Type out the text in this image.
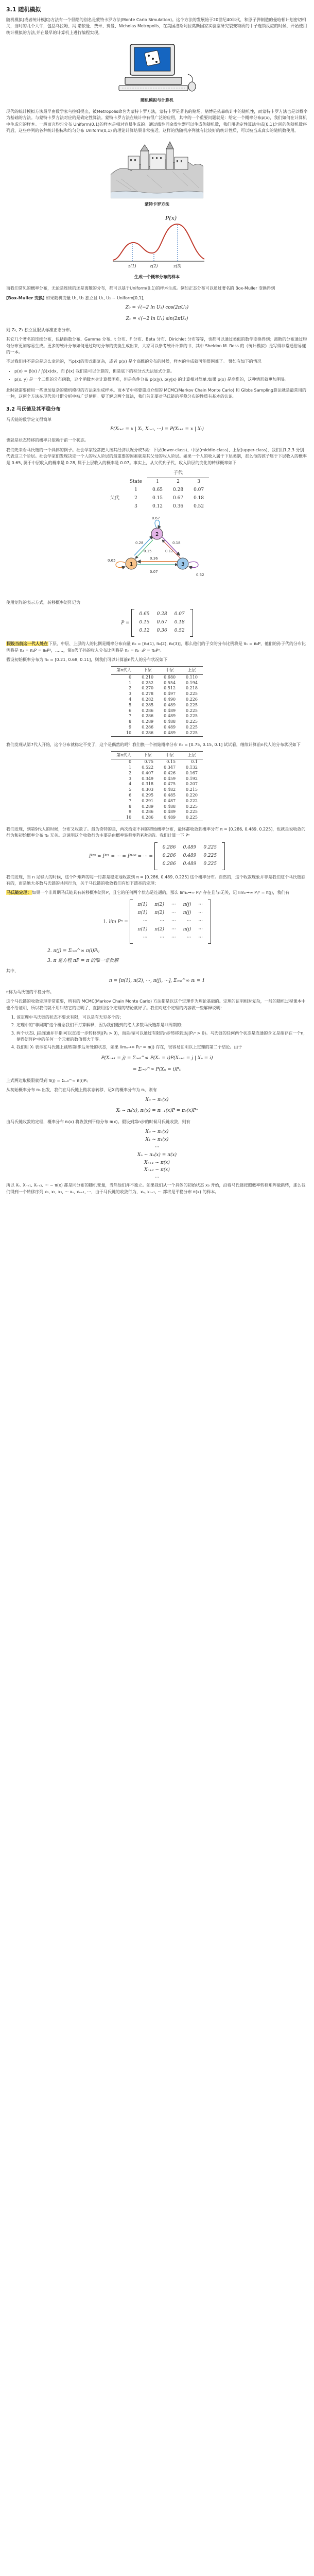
3.1 随机模拟

随机模拟(或者统计模拟)方法有一个很酷的别名是蒙特卡罗方法(Monte Carlo Simulation)。这个方法的发展始于20世纪40年代，和原子弹制造的曼哈顿计划密切相关，当时的几个大牛，包括乌拉姆、冯.诺依曼、费米、费曼、Nicholas Metropolis，在美国洛斯阿拉莫斯国家实验室研究裂变物质的中子连锁反应的时候，开始使用统计模拟的方法,并在最早的计算机上进行编程实现。

随机模拟与计算机

现代的统计模拟方法最早由数学家乌拉姆提出，被Metropolis命名为蒙特卡罗方法，蒙特卡罗是著名的赌场，赌博是依靠统计中的随机性，而蒙特卡罗方法也是以概率为基础的方法。与蒙特卡罗方法对应的是确定性算法。蒙特卡罗方法在统计中有很广泛的应用，其中的一个重要问题就是：给定一个概率分布p(x)，我们如何在计算机中生成它的样本。一般而言均匀分布 Uniform(0,1)的样本是相对容易生成的。通过线性同余发生器可以生成伪随机数，我们用确定性算法生成[0,1]之间的伪随机数序列后，这些序列的各种统计指标和均匀分布 Uniform(0,1) 的理论计算结果非常接近。这样的伪随机序列就有比较好的统计性质，可以被当成真实的随机数使用。

蒙特卡罗方法
P(x)
z(1)	z(2)	z(3)
生成一个概率分布的样本

而我们常见的概率分布，无论是连续的还是离散的分布，都可以基于Uniform(0,1)的样本生成。例如正态分布可以通过著名的 Box-Muller 变换得到

[Box-Muller 变换] 如果随机变量 U₁, U₂ 独立且 U₁, U₂ ~ Uniform[0,1]，

Z₀ = √(−2 ln U₁) cos(2πU₂)
Z₁ = √(−2 ln U₁) sin(2πU₂)

则 Z₀, Z₁ 独立且服从标准正态分布。

其它几个著名的连续分布，包括指数分布、Gamma 分布、t 分布、F 分布、Beta 分布、Dirichlet 分布等等，也都可以通过类似的数学变换得到；离散的分布通过均匀分布更加容易生成。更多的统计分布如何通过均匀分布的变换生成出来，大家可以参考统计计算的书，其中 Sheldon M. Ross 的《统计模拟》是写得非常通俗易懂的一本。

不过我们并不是总是这么幸运的，当p(x)的形式很复杂，或者 p(x) 是个高维的分布的时候，样本的生成就可能很困难了。 譬如有如下的情况

• p(x) = p̃(x) / ∫p̃(x)dx，而 p̃(x) 我们是可以计算的，但是底下的积分式无法显式计算。
• p(x, y) 是一个二维的分布函数，这个函数本身计算很困难，但是条件分布 p(x|y), p(y|x) 的计算相对简单;如果 p(x) 是高维的，这种情形就更加明显。

此时就需要使用一些更加复杂的随机模拟的方法来生成样本。而本节中将要重点介绍的 MCMC(Markov Chain Monte Carlo) 和 Gibbs Sampling算法就是最常用的一种，这两个方法在现代贝叶斯分析中被广泛使用。要了解这两个算法，我们首先要对马氏链的平稳分布的性质有基本的认识。

3.2 马氏链及其平稳分布

马氏链的数学定义很简单

P(Xₜ₊₁ = x | Xₜ, Xₜ₋₁, ···) = P(Xₜ₊₁ = x | Xₜ)

也就是状态转移的概率只依赖于前一个状态。

我们先来看马氏链的一个具体的例子。社会学家经常把人按其经济状况分成3类：下层(lower-class)、中层(middle-class)、上层(upper-class)，我们用1,2,3 分别代表这三个阶层。社会学家们发现决定一个人的收入阶层的最重要的因素就是其父母的收入阶层。如果一个人的收入属于下层类别，那么他的孩子属于下层收入的概率是 0.65, 属于中层收入的概率是 0.28, 属于上层收入的概率是 0.07。事实上，从父代到子代，收入阶层的变化的转移概率如下

		子代		
	State	1	2	3
	1	0.65	0.28	0.07
父代	2	0.15	0.67	0.18
	3	0.12	0.36	0.52
2
1	3
0.65
0.28
0.07
0.15
0.67
0.18
0.12
0.36
0.52

使用矩阵的表示方式，转移概率矩阵记为

P =
0.65	0.28	0.07
0.15	0.67	0.18
0.12	0.36	0.52

假设当前这一代人处在下层、中层、上层的人的比例是概率分布向量 π₀ = [π₀(1), π₀(2), π₀(3)]，那么他们的子女的分布比例将是 π₁ = π₀P，他们的孙子代的分布比例将是 π₂ = π₁P = π₀P²，……，第n代子孙的收入分布比例将是 πₙ = πₙ₋₁P = π₀Pⁿ。

假设初始概率分布为 π₀ = [0.21, 0.68, 0.11]，则我们可以计算前n代人的分布状况如下

第n代人	下层	中层	上层
0	0.210	0.680	0.110
1	0.252	0.554	0.194
2	0.270	0.512	0.218
3	0.278	0.497	0.225
4	0.282	0.490	0.226
5	0.285	0.489	0.225
6	0.286	0.489	0.225
7	0.286	0.489	0.225
8	0.289	0.488	0.225
9	0.286	0.489	0.225
10	0.286	0.489	0.225

我们发现从第7代人开始，这个分布就稳定不变了，这个是偶然的吗？我们换一个初始概率分布 π₀ = [0.75, 0.15, 0.1] 试试看，继续计算前n代人的分布状况如下

第n代人	下层	中层	上层
0	0.75	0.15	0.1
1	0.522	0.347	0.132
2	0.407	0.426	0.167
3	0.349	0.459	0.192
4	0.318	0.475	0.207
5	0.303	0.482	0.215
6	0.295	0.485	0.220
7	0.291	0.487	0.222
8	0.289	0.488	0.225
9	0.286	0.489	0.225
10	0.286	0.489	0.225

我们发现，到第9代人的时候，分布又收敛了。最为奇特的是，两次给定不同的初始概率分布，最终都收敛到概率分布 π = [0.286, 0.489, 0.225]，也就是说收敛的行为和初始概率分布 π₀ 无关。这说明这个收敛行为主要是由概率转移矩阵P决定的。我们计算一下 Pⁿ

P²⁰ = P²¹ = ··· = P¹⁰⁰ = ··· =
0.286	0.489	0.225
0.286	0.489	0.225
0.286	0.489	0.225

我们发现，当 n 足够大的时候，这个Pⁿ矩阵的每一行都是稳定地收敛到 π = [0.286, 0.489, 0.225] 这个概率分布。自然的，这个收敛现象并非是我们这个马氏链独有的，而是绝大多数马氏链的共同行为，关于马氏链的收敛我们有如下漂亮的定理：

马氏链定理：如果一个非周期马氏链具有转移概率矩阵P，且它的任何两个状态是连通的，那么 limₙ→∞ Pᵢⱼⁿ 存在且与i无关，记 limₙ→∞ Pᵢⱼⁿ = π(j)，我们有

1. lim Pⁿ =
π(1)	π(2)	···	π(j)	···
π(1)	π(2)	···	π(j)	···
···	···	···	···	···
π(1)	π(2)	···	π(j)	···
···	···	···	···	···
2. π(j) = Σᵢ₌₀^∞ π(i)Pᵢⱼ
3. π 是方程 πP = π 的唯一非负解

其中，

π = [π(1), π(2), ···, π(j), ···], Σᵢ₌₀^∞ πᵢ = 1

π称为马氏链的平稳分布。

这个马氏链的收敛定理非常重要，所有的 MCMC(Markov Chain Monte Carlo) 方法都是以这个定理作为理论基础的。定理的证明相对复杂，一般的随机过程课本中也不给证明，所以我们就不用纠结它的证明了，直接用这个定理的结论就好了。我们对这个定理的内容做一些解释说明：

1. 该定理中马氏链的状态不要求有限，可以是有无穷多个的；
2. 定理中的"非周期"这个概念我们不打算解释，因为我们遇到的绝大多数马氏链都是非周期的；
3. 两个状态i, j是连通并非指i可以直接一步转移到j(Pᵢⱼ > 0)，而是指i可以通过有限的n步转移到达j(Pᵢⱼⁿ > 0)。马氏链的任何两个状态是连通的含义是指存在一个n，使得矩阵Pⁿ中的任何一个元素的数值都大于零。
4. 我们用 Xᵢ 表示在马氏链上跳转第i步后所处的状态，如果 limₙ→∞ Pᵢⱼⁿ = π(j) 存在，很容易证明以上定理的第二个结论。由于
P(Xₙ₊₁ = j) = Σᵢ₌₀^∞ P(Xₙ = i)P(Xₙ₊₁ = j | Xₙ = i)
= Σᵢ₌₀^∞ P(Xₙ = i)Pᵢⱼ

上式两边取极限就得到 π(j) = Σᵢ₌₀^∞ π(i)Pᵢⱼ

从初始概率分布 π₀ 出发，我们在马氏链上做状态转移，记Xᵢ的概率分布为 πᵢ，则有

X₀ ~ π₀(x)
Xᵢ ~ πᵢ(x), πᵢ(x) = πᵢ₋₁(x)P = π₀(x)Pⁿ

由马氏链收敛的定理，概率分布 πᵢ(x) 将收敛到平稳分布 π(x)。假设到第n步的时候马氏链收敛，则有

X₀ ~ π₀(x)
X₁ ~ π₁(x)
···
Xₙ ~ πₙ(x) = π(x)
Xₙ₊₁ ~ π(x)
Xₙ₊₂ ~ π(x)
···

所以 Xₙ, Xₙ₊₁, Xₙ₊₂, ··· ~ π(x) 都是同分布的随机变量，当然他们并不独立。如果我们从一个具体的初始状态 x₀ 开始，沿着马氏链按照概率转移矩阵做跳转，那么我们得到一个转移序列 x₀, x₁, x₂, ··· xₙ, xₙ₊₁, ···，由于马氏链的收敛行为，xₙ, xₙ₊₁, ··· 都将是平稳分布 π(x) 的样本。
